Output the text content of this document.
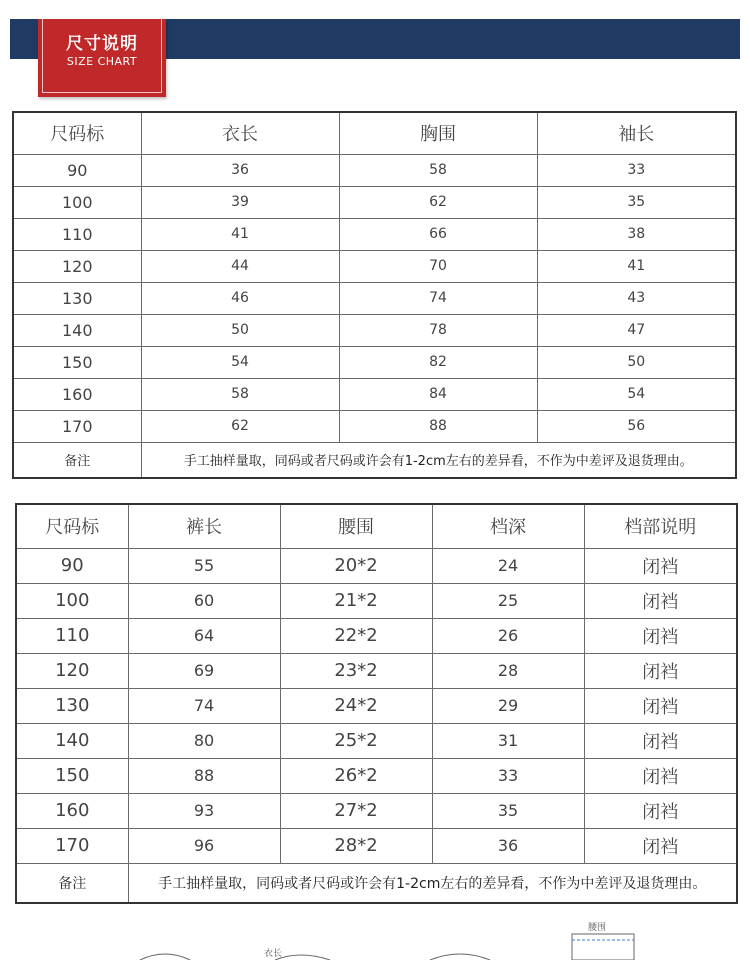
尺寸说明
SIZE CHART
尺码标	衣长	胸围	袖长
90	36	58	33
100	39	62	35
110	41	66	38
120	44	70	41
130	46	74	43
140	50	78	47
150	54	82	50
160	58	84	54
170	62	88	56
备注	手工抽样量取，同码或者尺码或许会有1-2cm左右的差异看，不作为中差评及退货理由。		
尺码标	裤长	腰围	档深	档部说明
90	55	20*2	24	闭裆
100	60	21*2	25	闭裆
110	64	22*2	26	闭裆
120	69	23*2	28	闭裆
130	74	24*2	29	闭裆
140	80	25*2	31	闭裆
150	88	26*2	33	闭裆
160	93	27*2	35	闭裆
170	96	28*2	36	闭裆
备注	手工抽样量取，同码或者尺码或许会有1-2cm左右的差异看，不作为中差评及退货理由。			
衣长
腰围
